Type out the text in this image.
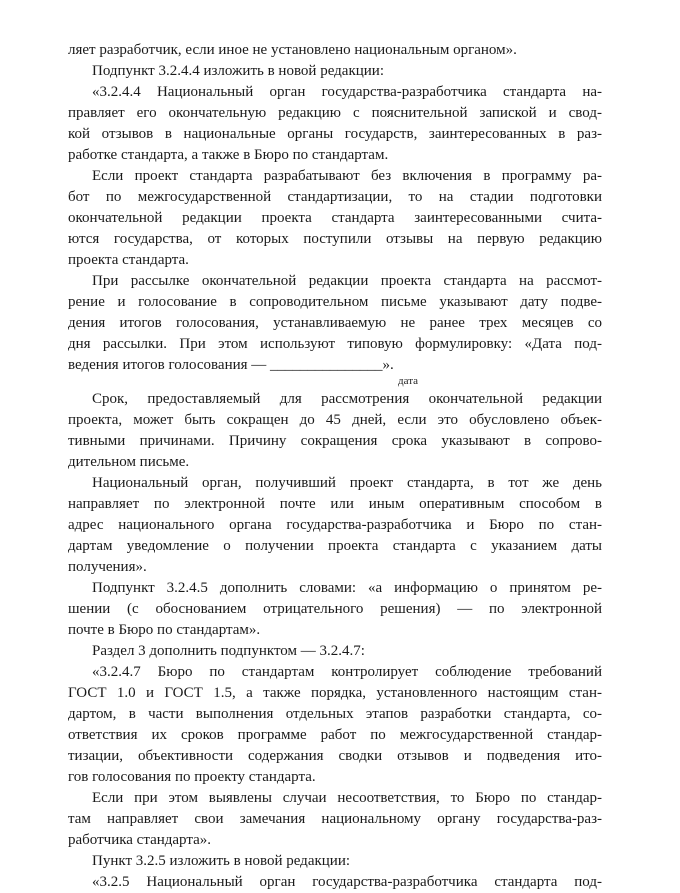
ляет разработчик, если иное не установлено национальным органом».
Подпункт 3.2.4.4 изложить в новой редакции:
«3.2.4.4 Национальный орган государства-разработчика стандарта на-
правляет его окончательную редакцию с пояснительной запиской и свод-
кой отзывов в национальные органы государств, заинтересованных в раз-
работке стандарта, а также в Бюро по стандартам.
Если проект стандарта разрабатывают без включения в программу ра-
бот по межгосударственной стандартизации, то на стадии подготовки
окончательной редакции проекта стандарта заинтересованными счита-
ются государства, от которых поступили отзывы на первую редакцию
проекта стандарта.
При рассылке окончательной редакции проекта стандарта на рассмот-
рение и голосование в сопроводительном письме указывают дату подве-
дения итогов голосования, устанавливаемую не ранее трех месяцев со
дня рассылки. При этом используют типовую формулировку: «Дата под-
ведения итогов голосования — _______________».
дата
Срок, предоставляемый для рассмотрения окончательной редакции
проекта, может быть сокращен до 45 дней, если это обусловлено объек-
тивными причинами. Причину сокращения срока указывают в сопрово-
дительном письме.
Национальный орган, получивший проект стандарта, в тот же день
направляет по электронной почте или иным оперативным способом в
адрес национального органа государства-разработчика и Бюро по стан-
дартам уведомление о получении проекта стандарта с указанием даты
получения».
Подпункт 3.2.4.5 дополнить словами: «а информацию о принятом ре-
шении (с обоснованием отрицательного решения) — по электронной
почте в Бюро по стандартам».
Раздел 3 дополнить подпунктом — 3.2.4.7:
«3.2.4.7 Бюро по стандартам контролирует соблюдение требований
ГОСТ 1.0 и ГОСТ 1.5, а также порядка, установленного настоящим стан-
дартом, в части выполнения отдельных этапов разработки стандарта, со-
ответствия их сроков программе работ по межгосударственной стандар-
тизации, объективности содержания сводки отзывов и подведения ито-
гов голосования по проекту стандарта.
Если при этом выявлены случаи несоответствия, то Бюро по стандар-
там направляет свои замечания национальному органу государства-раз-
работчика стандарта».
Пункт 3.2.5 изложить в новой редакции:
«3.2.5 Национальный орган государства-разработчика стандарта под-
